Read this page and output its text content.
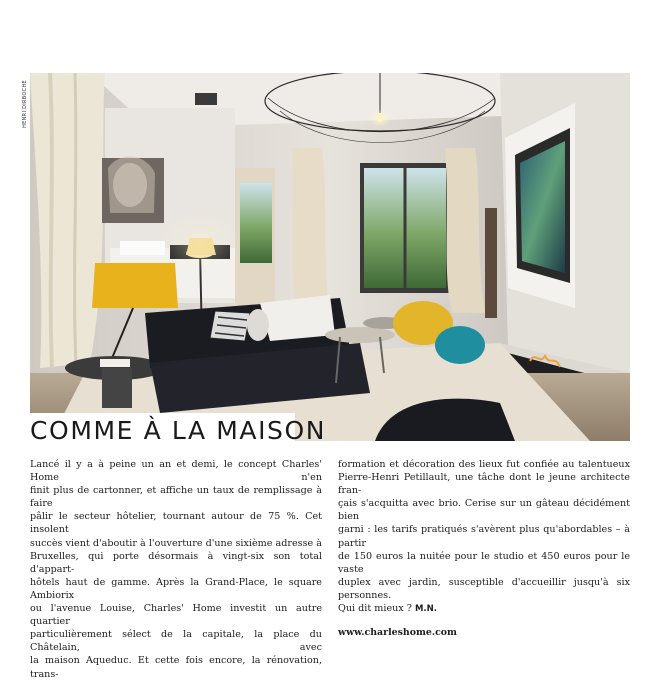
HENRI DIRBOCHE
COMME À LA MAISON

Lancé il y a à peine un an et demi, le concept Charles' Home n'en

finit plus de cartonner, et affiche un taux de remplissage à faire

pâlir le secteur hôtelier, tournant autour de 75 %. Cet insolent

succès vient d'aboutir à l'ouverture d'une sixième adresse à

Bruxelles, qui porte désormais à vingt-six son total d'appart-

hôtels haut de gamme. Après la Grand-Place, le square Ambiorix

ou l'avenue Louise, Charles' Home investit un autre quartier

particulièrement sélect de la capitale, la place du Châtelain, avec

la maison Aqueduc. Et cette fois encore, la rénovation, trans-

formation et décoration des lieux fut confiée au talentueux

Pierre-Henri Petillault, une tâche dont le jeune architecte fran-

çais s'acquitta avec brio. Cerise sur un gâteau décidément bien

garni : les tarifs pratiqués s'avèrent plus qu'abordables – à partir

de 150 euros la nuitée pour le studio et 450 euros pour le vaste

duplex avec jardin, susceptible d'accueillir jusqu'à six personnes.

Qui dit mieux ? M.N.

www.charleshome.com
